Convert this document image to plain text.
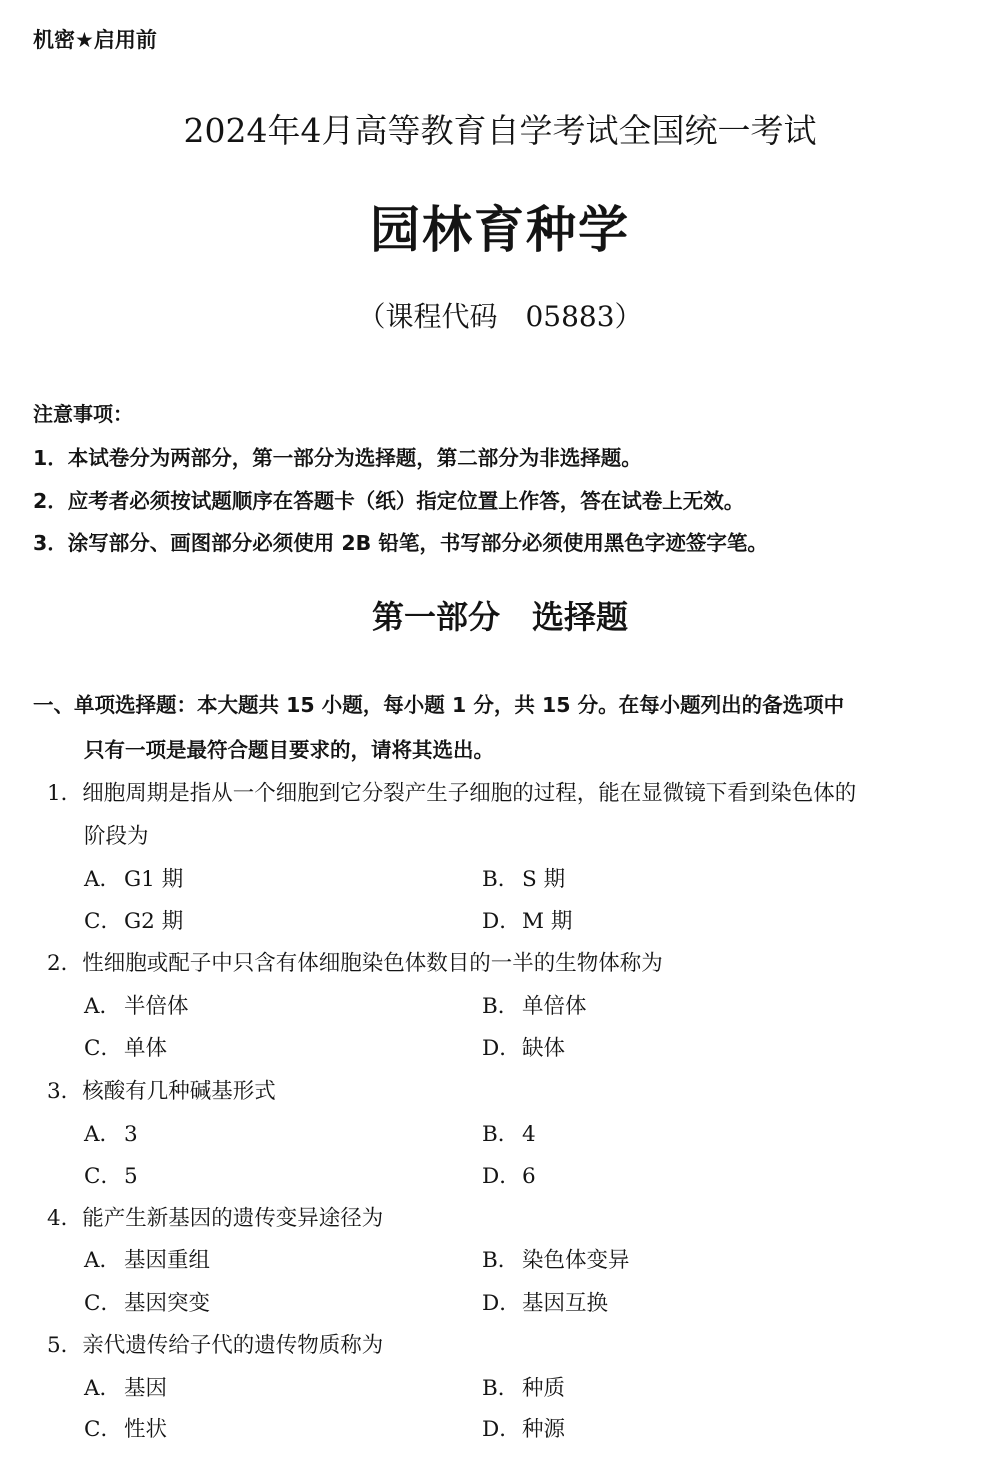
机密★启用前
2024年4月高等教育自学考试全国统一考试
园林育种学
（课程代码　05883）
注意事项：
1．本试卷分为两部分，第一部分为选择题，第二部分为非选择题。
2．应考者必须按试题顺序在答题卡（纸）指定位置上作答，答在试卷上无效。
3．涂写部分、画图部分必须使用 2B 铅笔，书写部分必须使用黑色字迹签字笔。
第一部分　选择题
一、单项选择题：本大题共 15 小题，每小题 1 分，共 15 分。在每小题列出的备选项中
只有一项是最符合题目要求的，请将其选出。
1．细胞周期是指从一个细胞到它分裂产生子细胞的过程，能在显微镜下看到染色体的
阶段为
A． G1 期	B． S 期
C．G2 期	D．M 期
2．性细胞或配子中只含有体细胞染色体数目的一半的生物体称为
A． 半倍体	B． 单倍体
C．单体	D．缺体
3．核酸有几种碱基形式
A． 3	B． 4
C．5	D．6
4．能产生新基因的遗传变异途径为
A． 基因重组	B． 染色体变异
C．基因突变	D．基因互换
5．亲代遗传给子代的遗传物质称为
A． 基因	B． 种质
C．性状	D．种源
